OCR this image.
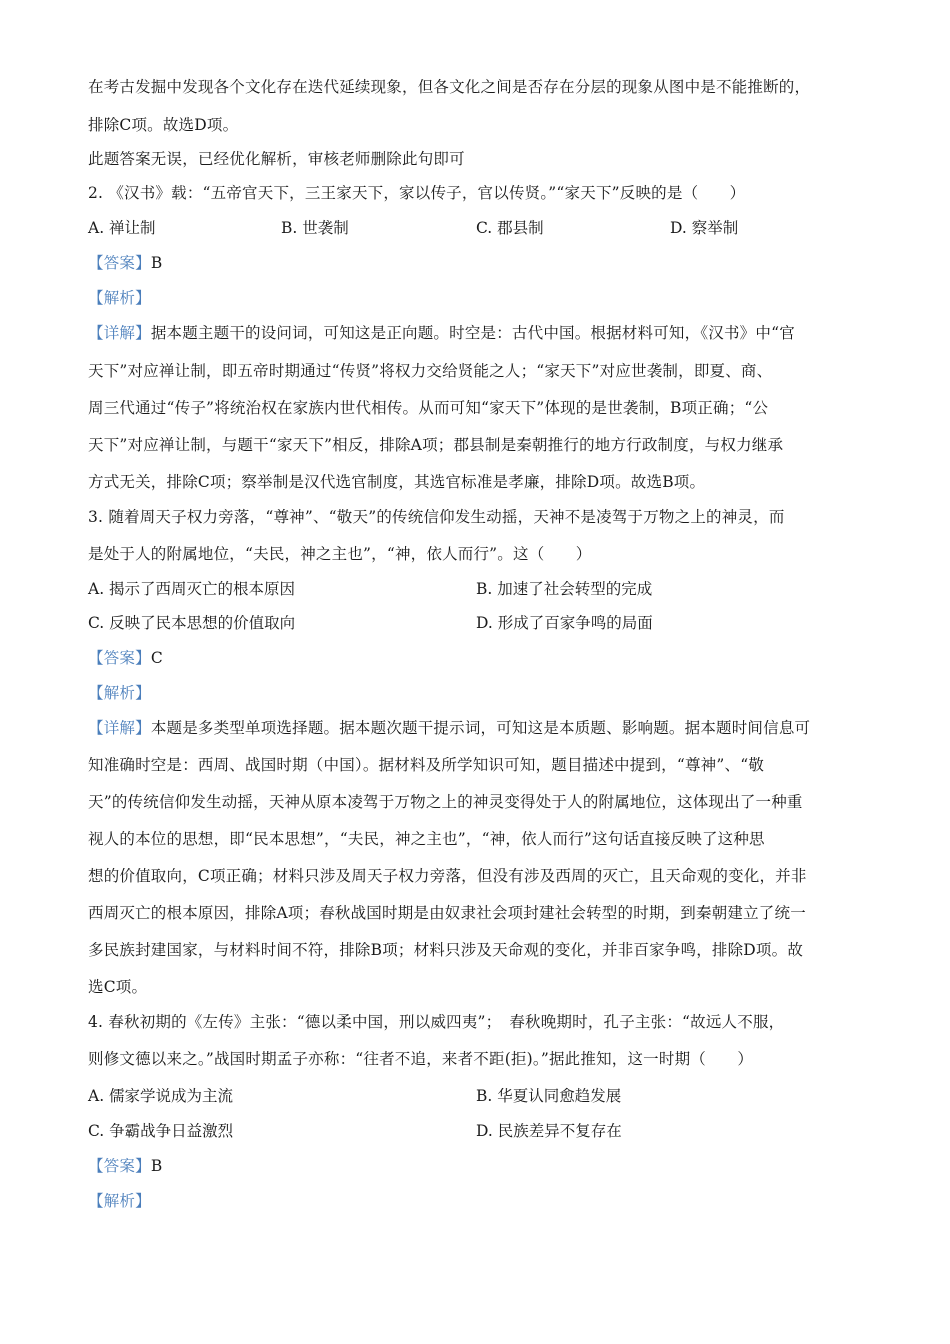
在考古发掘中发现各个文化存在迭代延续现象，但各文化之间是否存在分层的现象从图中是不能推断的，
排除C项。故选D项。
此题答案无误，已经优化解析，审核老师删除此句即可
2. 《汉书》载：“五帝官天下，三王家天下，家以传子，官以传贤。”“家天下”反映的是（　　）
A. 禅让制	B. 世袭制	C. 郡县制	D. 察举制
【答案】B
【解析】
【详解】据本题主题干的设问词，可知这是正向题。时空是：古代中国。根据材料可知，《汉书》中“官
天下”对应禅让制，即五帝时期通过“传贤”将权力交给贤能之人；“家天下”对应世袭制，即夏、商、
周三代通过“传子”将统治权在家族内世代相传。从而可知“家天下”体现的是世袭制，B项正确；“公
天下”对应禅让制，与题干“家天下”相反，排除A项；郡县制是秦朝推行的地方行政制度，与权力继承
方式无关，排除C项；察举制是汉代选官制度，其选官标准是孝廉，排除D项。故选B项。
3. 随着周天子权力旁落，“尊神”、“敬天”的传统信仰发生动摇，天神不是凌驾于万物之上的神灵，而
是处于人的附属地位，“夫民，神之主也”，“神，依人而行”。这（　　）
A. 揭示了西周灭亡的根本原因	B. 加速了社会转型的完成
C. 反映了民本思想的价值取向	D. 形成了百家争鸣的局面
【答案】C
【解析】
【详解】本题是多类型单项选择题。据本题次题干提示词，可知这是本质题、影响题。据本题时间信息可
知准确时空是：西周、战国时期（中国）。据材料及所学知识可知，题目描述中提到，“尊神”、“敬
天”的传统信仰发生动摇，天神从原本凌驾于万物之上的神灵变得处于人的附属地位，这体现出了一种重
视人的本位的思想，即“民本思想”，“夫民，神之主也”，“神，依人而行”这句话直接反映了这种思
想的价值取向，C项正确；材料只涉及周天子权力旁落，但没有涉及西周的灭亡，且天命观的变化，并非
西周灭亡的根本原因，排除A项；春秋战国时期是由奴隶社会项封建社会转型的时期，到秦朝建立了统一
多民族封建国家，与材料时间不符，排除B项；材料只涉及天命观的变化，并非百家争鸣，排除D项。故
选C项。
4. 春秋初期的《左传》主张：“德以柔中国，刑以威四夷”；　春秋晚期时，孔子主张：“故远人不服，
则修文德以来之。”战国时期孟子亦称：“往者不追，来者不距(拒)。”据此推知，这一时期（　　）
A. 儒家学说成为主流	B. 华夏认同愈趋发展
C. 争霸战争日益激烈	D. 民族差异不复存在
【答案】B
【解析】
